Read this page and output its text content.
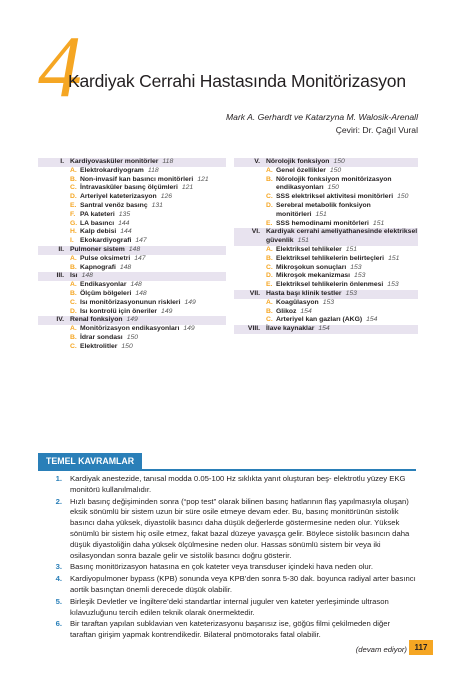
4
Kardiyak Cerrahi Hastasında Monitörizasyon
Mark A. Gerhardt ve Katarzyna M. Walosik-Arenall
Çeviri: Dr. Çağıl Vural
I. Kardiyovasküler monitörler 118
A. Elektrokardiyogram 118
B. Non-invasif kan basıncı monitörleri 121
C. İntravasküler basınç ölçümleri 121
D. Arteriyel kateterizasyon 126
E. Santral venöz basınç 131
F. PA kateteri 135
G. LA basıncı 144
H. Kalp debisi 144
I. Ekokardiyografi 147
II. Pulmoner sistem 148
A. Pulse oksimetri 147
B. Kapnografi 148
III. Isı 148
A. Endikasyonlar 148
B. Ölçüm bölgeleri 148
C. Isı monitörizasyonunun riskleri 149
D. Isı kontrolü için öneriler 149
IV. Renal fonksiyon 149
A. Monitörizasyon endikasyonları 149
B. İdrar sondası 150
C. Elektrolitler 150
V. Nörolojik fonksiyon 150
A. Genel özellikler 150
B. Nörolojik fonksiyon monitörizasyon endikasyonları 150
C. SSS elektriksel aktivitesi monitörleri 150
D. Serebral metabolik fonksiyon monitörleri 151
E. SSS hemodinami monitörleri 151
VI. Kardiyak cerrahi ameliyathanesinde elektriksel güvenlik 151
A. Elektriksel tehlikeler 151
B. Elektriksel tehlikelerin belirteçleri 151
C. Mikroşokun sonuçları 153
D. Mikroşok mekanizması 153
E. Elektriksel tehlikelerin önlenmesi 153
VII. Hasta başı klinik testler 153
A. Koagülasyon 153
B. Glikoz 154
C. Arteriyel kan gazları (AKG) 154
VIII. İlave kaynaklar 154
TEMEL KAVRAMLAR
1.	Kardiyak anestezide, tanısal modda 0.05-100 Hz sıklıkta yanıt oluşturan beş- elektrotlu yüzey EKG monitörü kullanılmalıdır.
2.	Hızlı basınç değişiminden sonra (“pop test” olarak bilinen basınç hatlarının flaş yapılmasıyla oluşan) eksik sönümlü bir sistem uzun bir süre osile etmeye devam eder. Bu, basınç monitörünün sistolik basıncı daha yüksek, diyastolik basıncı daha düşük değerlerde göstermesine neden olur. Yüksek sönümlü bir sistem hiç osile etmez, fakat bazal düzeye yavaşça gelir. Böylece sistolik basıncın daha düşük diyastoliğin daha yüksek ölçülmesine neden olur. Hassas sönümlü sistem bir veya iki osilasyondan sonra bazale gelir ve sistolik basıncı doğru gösterir.
3.	Basınç monitörizasyon hatasına en çok kateter veya transduser içindeki hava neden olur.
4.	Kardiyopulmoner bypass (KPB) sonunda veya KPB’den sonra 5-30 dak. boyunca radiyal arter basıncı aortik basınçtan önemli derecede düşük olabilir.
5.	Birleşik Devletler ve İngiltere’deki standartlar internal juguler ven kateter yerleşiminde ultrason kılavuzluğunu tercih edilen teknik olarak önermektedir.
6.	Bir taraftan yapılan subklavian ven kateterizasyonu başarısız ise, göğüs filmi çekilmeden diğer taraftan girişim yapmak kontrendikedir. Bilateral pnömotoraks fatal olabilir.
(devam ediyor) 117
